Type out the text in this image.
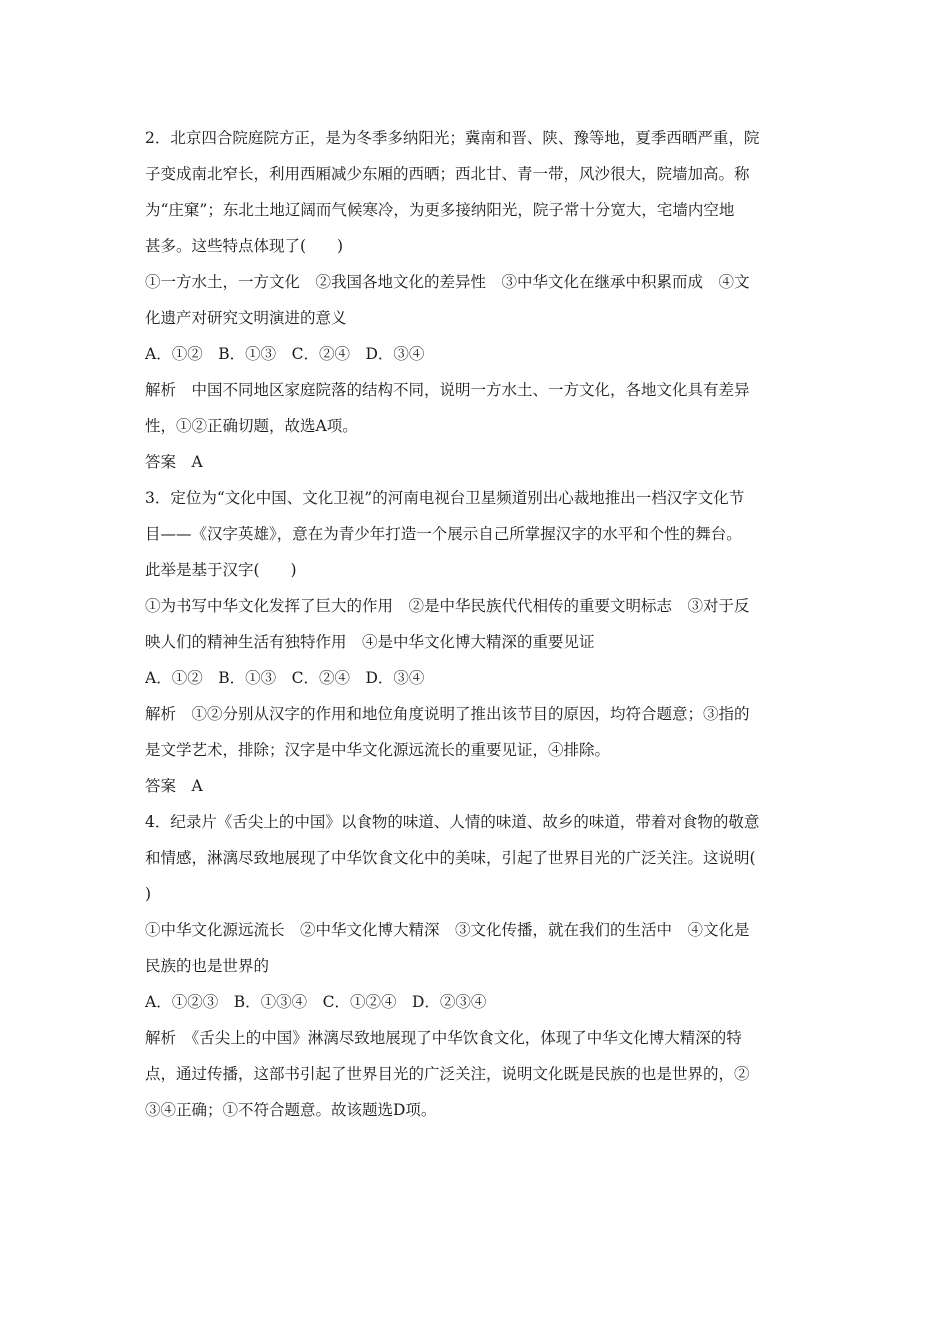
2．北京四合院庭院方正，是为冬季多纳阳光；冀南和晋、陕、豫等地，夏季西晒严重，院
子变成南北窄长，利用西厢减少东厢的西晒；西北甘、青一带，风沙很大，院墙加高。称
为“庄窠”；东北土地辽阔而气候寒冷，为更多接纳阳光，院子常十分宽大，宅墙内空地
甚多。这些特点体现了(　　)
①一方水土，一方文化　②我国各地文化的差异性　③中华文化在继承中积累而成　④文
化遗产对研究文明演进的意义
A．①②　B．①③　C．②④　D．③④
解析　中国不同地区家庭院落的结构不同，说明一方水土、一方文化，各地文化具有差异
性，①②正确切题，故选A项。
答案　A
3．定位为“文化中国、文化卫视”的河南电视台卫星频道别出心裁地推出一档汉字文化节
目——《汉字英雄》，意在为青少年打造一个展示自己所掌握汉字的水平和个性的舞台。
此举是基于汉字(　　)
①为书写中华文化发挥了巨大的作用　②是中华民族代代相传的重要文明标志　③对于反
映人们的精神生活有独特作用　④是中华文化博大精深的重要见证
A．①②　B．①③　C．②④　D．③④
解析　①②分别从汉字的作用和地位角度说明了推出该节目的原因，均符合题意；③指的
是文学艺术，排除；汉字是中华文化源远流长的重要见证，④排除。
答案　A
4．纪录片《舌尖上的中国》以食物的味道、人情的味道、故乡的味道，带着对食物的敬意
和情感，淋漓尽致地展现了中华饮食文化中的美味，引起了世界目光的广泛关注。这说明(
)
①中华文化源远流长　②中华文化博大精深　③文化传播，就在我们的生活中　④文化是
民族的也是世界的
A．①②③　B．①③④　C．①②④　D．②③④
解析　《舌尖上的中国》淋漓尽致地展现了中华饮食文化，体现了中华文化博大精深的特
点，通过传播，这部书引起了世界目光的广泛关注，说明文化既是民族的也是世界的，②
③④正确；①不符合题意。故该题选D项。
